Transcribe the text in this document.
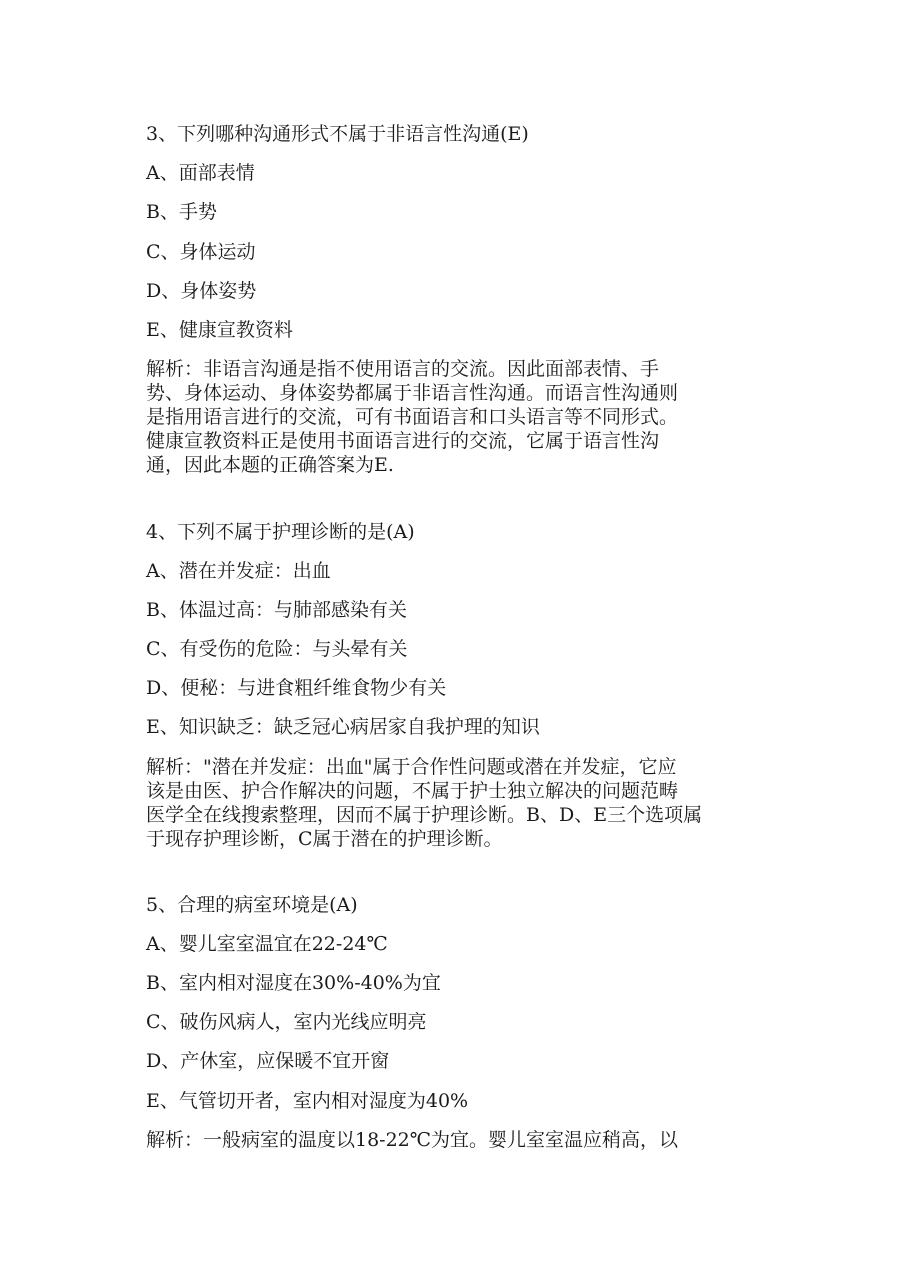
3、下列哪种沟通形式不属于非语言性沟通(E)
A、面部表情
B、手势
C、身体运动
D、身体姿势
E、健康宣教资料
解析：非语言沟通是指不使用语言的交流。因此面部表情、手
势、身体运动、身体姿势都属于非语言性沟通。而语言性沟通则
是指用语言进行的交流，可有书面语言和口头语言等不同形式。
健康宣教资料正是使用书面语言进行的交流，它属于语言性沟
通，因此本题的正确答案为E.
4、下列不属于护理诊断的是(A)
A、潜在并发症：出血
B、体温过高：与肺部感染有关
C、有受伤的危险：与头晕有关
D、便秘：与进食粗纤维食物少有关
E、知识缺乏：缺乏冠心病居家自我护理的知识
解析："潜在并发症：出血"属于合作性问题或潜在并发症，它应
该是由医、护合作解决的问题，不属于护士独立解决的问题范畴
医学全在线搜索整理，因而不属于护理诊断。B、D、E三个选项属
于现存护理诊断，C属于潜在的护理诊断。
5、合理的病室环境是(A)
A、婴儿室室温宜在22-24℃
B、室内相对湿度在30%-40%为宜
C、破伤风病人，室内光线应明亮
D、产休室，应保暖不宜开窗
E、气管切开者，室内相对湿度为40%
解析：一般病室的温度以18-22℃为宜。婴儿室室温应稍高，以
